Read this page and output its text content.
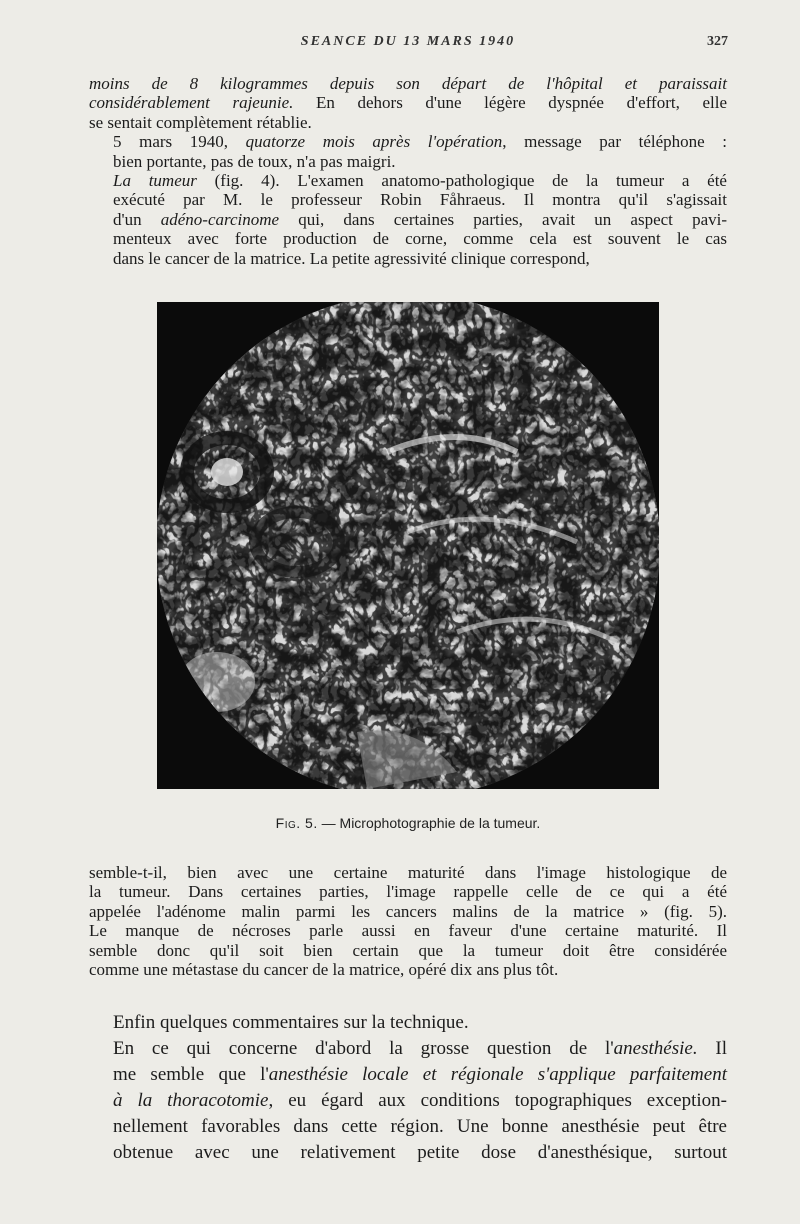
SEANCE DU 13 MARS 1940	327

moins de 8 kilogrammes depuis son départ de l'hôpital et paraissait
considérablement rajeunie. En dehors d'une légère dyspnée d'effort, elle
se sentait complètement rétablie.

5 mars 1940, quatorze mois après l'opération, message par téléphone :
bien portante, pas de toux, n'a pas maigri.

La tumeur (fig. 4). L'examen anatomo-pathologique de la tumeur a été
exécuté par M. le professeur Robin Fåhraeus. Il montra qu'il s'agissait
d'un adéno-carcinome qui, dans certaines parties, avait un aspect pavi-
menteux avec forte production de corne, comme cela est souvent le cas
dans le cancer de la matrice. La petite agressivité clinique correspond,

Fig. 5. — Microphotographie de la tumeur.

semble-t-il, bien avec une certaine maturité dans l'image histologique de
la tumeur. Dans certaines parties, l'image rappelle celle de ce qui a été
appelée l'adénome malin parmi les cancers malins de la matrice » (fig. 5).
Le manque de nécroses parle aussi en faveur d'une certaine maturité. Il
semble donc qu'il soit bien certain que la tumeur doit être considérée
comme une métastase du cancer de la matrice, opéré dix ans plus tôt.

Enfin quelques commentaires sur la technique.

En ce qui concerne d'abord la grosse question de l'anesthésie. Il
me semble que l'anesthésie locale et régionale s'applique parfaitement
à la thoracotomie, eu égard aux conditions topographiques exception-
nellement favorables dans cette région. Une bonne anesthésie peut être
obtenue avec une relativement petite dose d'anesthésique, surtout
